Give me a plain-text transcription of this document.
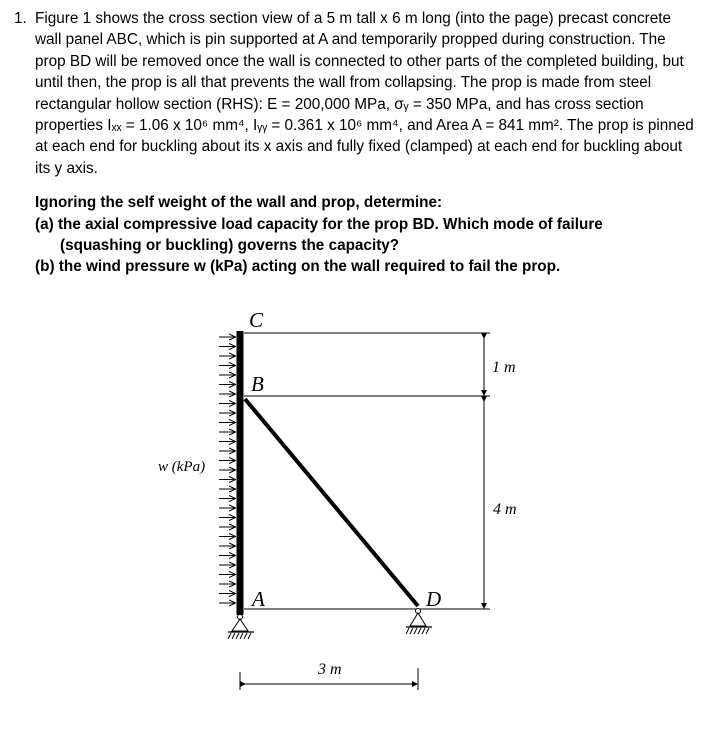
1. Figure 1 shows the cross section view of a 5 m tall x 6 m long (into the page) precast concrete wall panel ABC, which is pin supported at A and temporarily propped during construction. The prop BD will be removed once the wall is connected to other parts of the completed building, but until then, the prop is all that prevents the wall from collapsing. The prop is made from steel rectangular hollow section (RHS): E = 200,000 MPa, σᵧ = 350 MPa, and has cross section properties Iₓₓ = 1.06 x 10⁶ mm⁴, Iᵧᵧ = 0.361 x 10⁶ mm⁴, and Area A = 841 mm². The prop is pinned at each end for buckling about its x axis and fully fixed (clamped) at each end for buckling about its y axis.

Ignoring the self weight of the wall and prop, determine:
(a) the axial compressive load capacity for the prop BD. Which mode of failure
(squashing or buckling) governs the capacity?
(b) the wind pressure w (kPa) acting on the wall required to fail the prop.
C
B
A	D
w (kPa)
1 m
4 m
3 m
